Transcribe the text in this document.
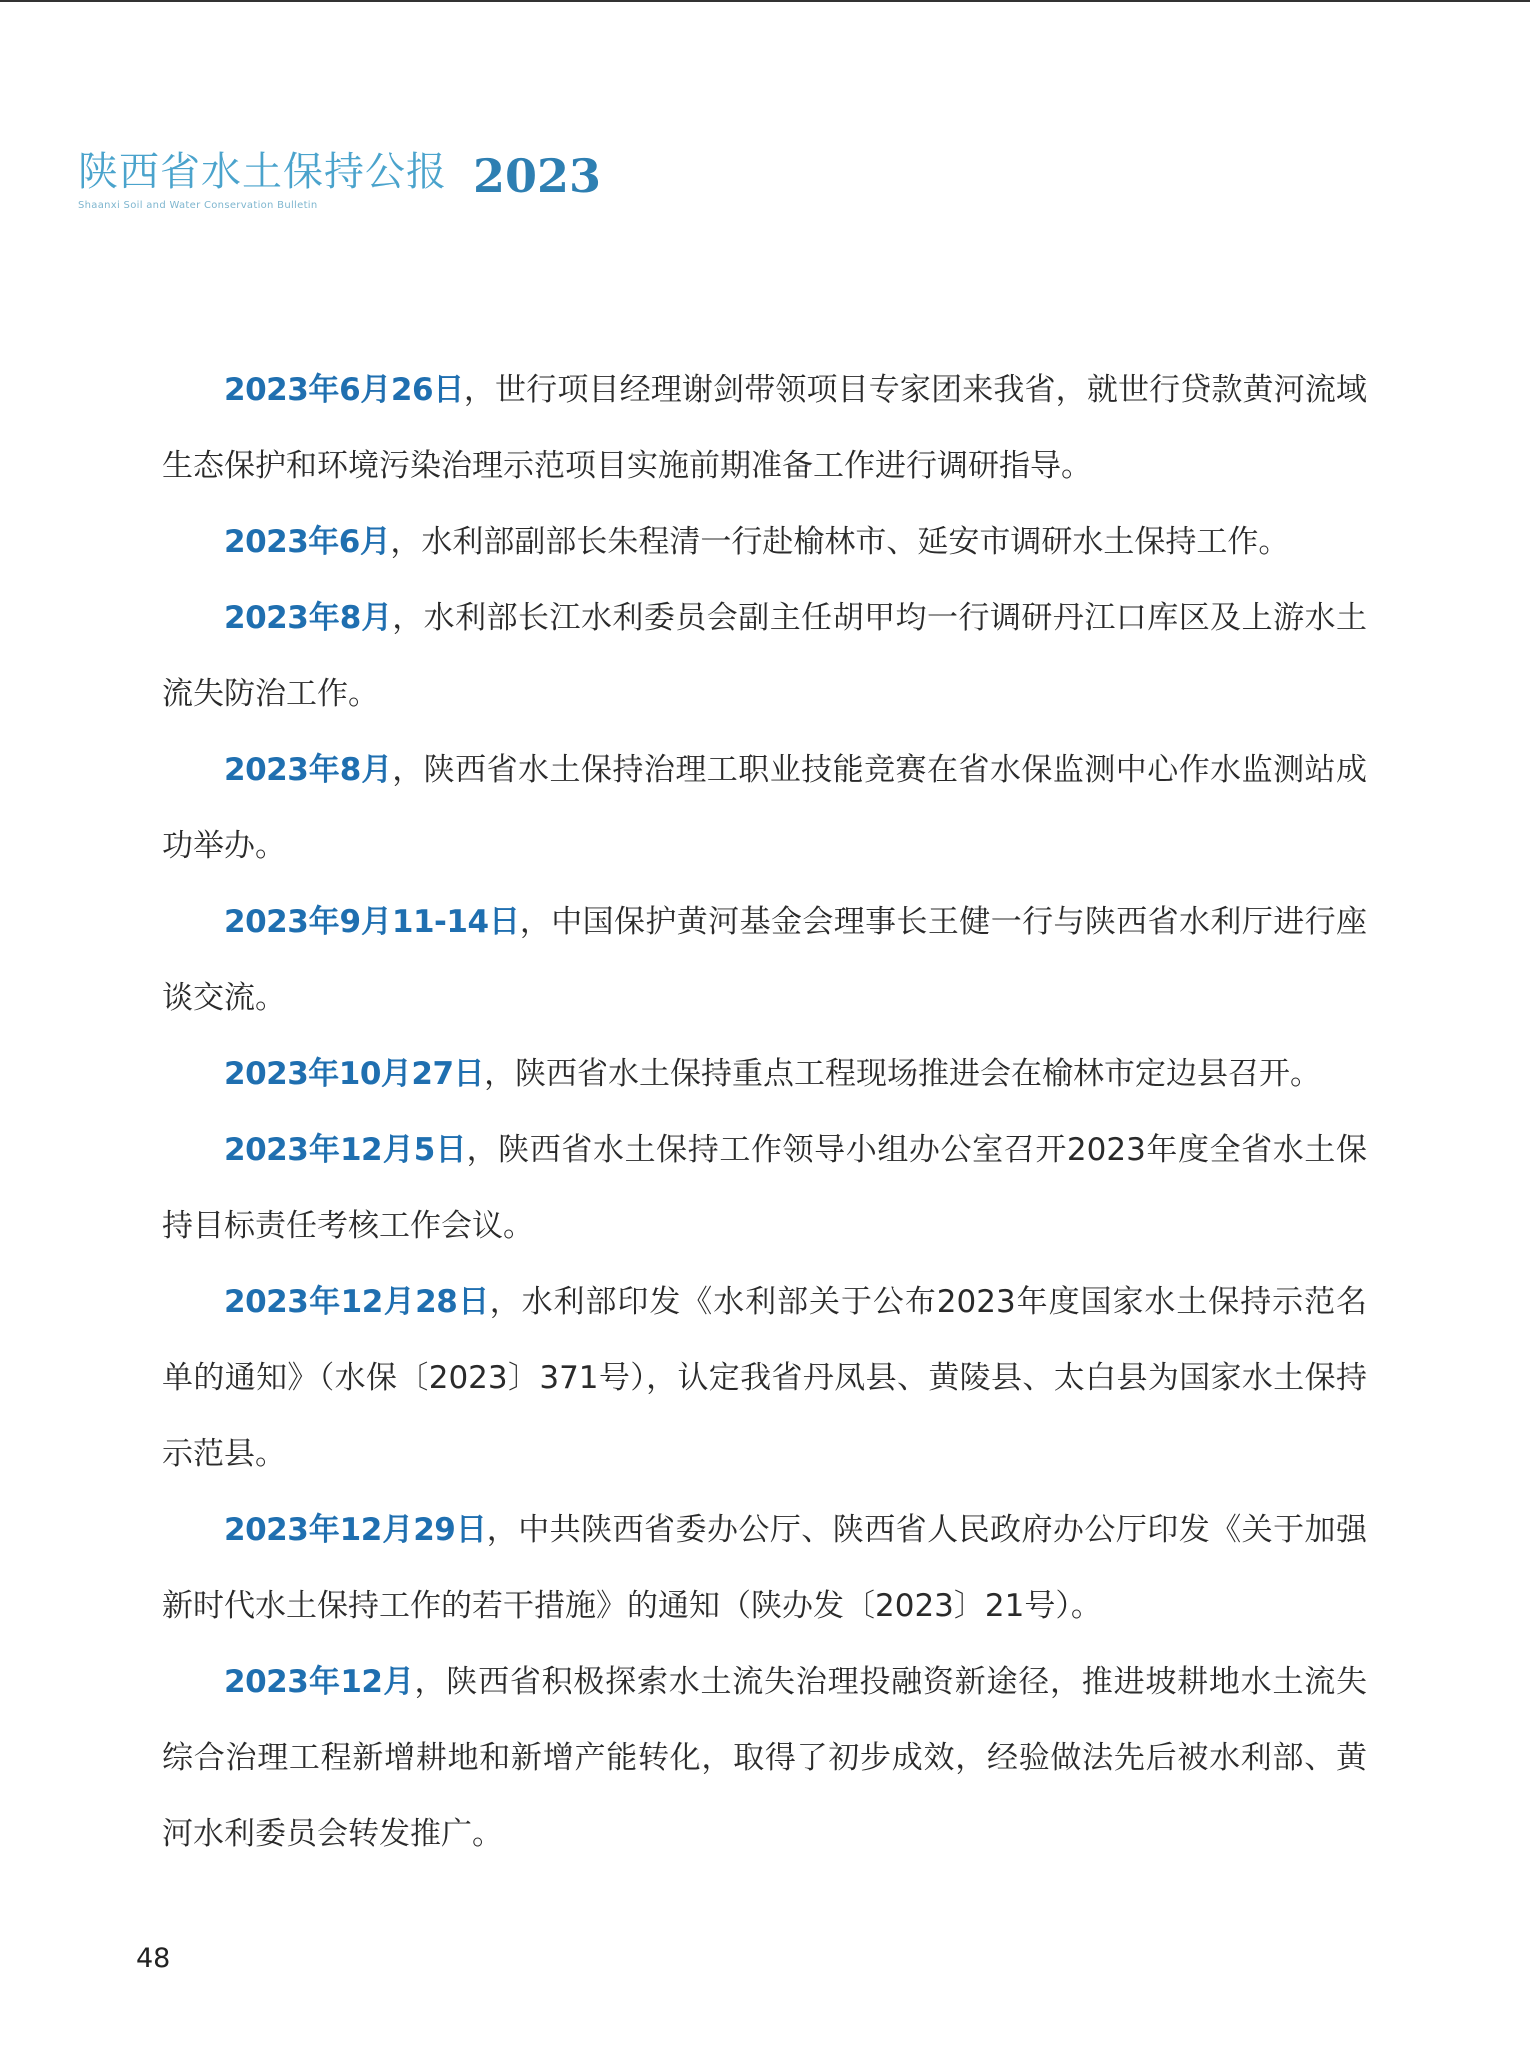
陕西省水土保持公报 2023
Shaanxi Soil and Water Conservation Bulletin

2023年6月26日，世行项目经理谢剑带领项目专家团来我省，就世行贷款黄河流域生态保护和环境污染治理示范项目实施前期准备工作进行调研指导。

2023年6月，水利部副部长朱程清一行赴榆林市、延安市调研水土保持工作。

2023年8月，水利部长江水利委员会副主任胡甲均一行调研丹江口库区及上游水土流失防治工作。

2023年8月，陕西省水土保持治理工职业技能竞赛在省水保监测中心作水监测站成功举办。

2023年9月11-14日，中国保护黄河基金会理事长王健一行与陕西省水利厅进行座谈交流。

2023年10月27日，陕西省水土保持重点工程现场推进会在榆林市定边县召开。

2023年12月5日，陕西省水土保持工作领导小组办公室召开2023年度全省水土保持目标责任考核工作会议。

2023年12月28日，水利部印发《水利部关于公布2023年度国家水土保持示范名单的通知》（水保〔2023〕371号），认定我省丹凤县、黄陵县、太白县为国家水土保持示范县。

2023年12月29日，中共陕西省委办公厅、陕西省人民政府办公厅印发《关于加强新时代水土保持工作的若干措施》的通知（陕办发〔2023〕21号）。

2023年12月，陕西省积极探索水土流失治理投融资新途径，推进坡耕地水土流失综合治理工程新增耕地和新增产能转化，取得了初步成效，经验做法先后被水利部、黄河水利委员会转发推广。

48
